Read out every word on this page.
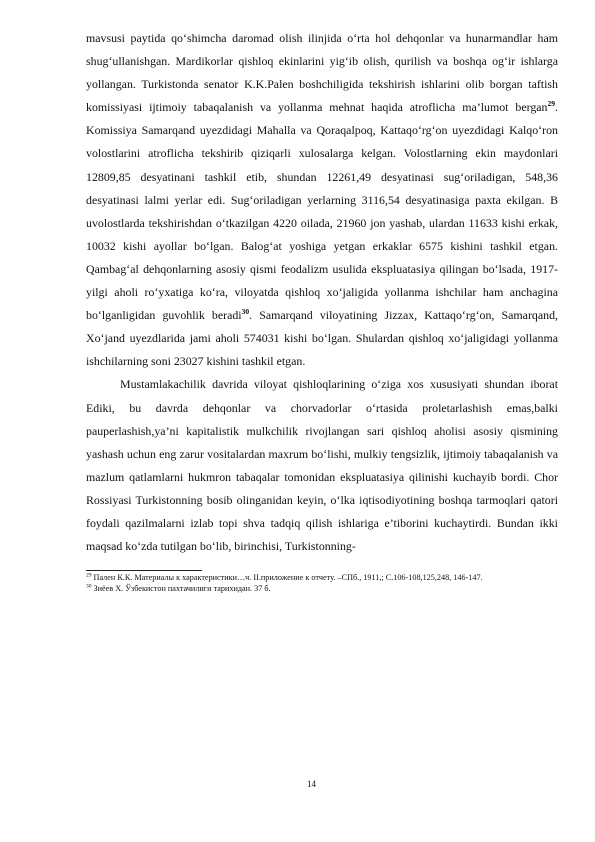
mavsusi paytida qo‘shimcha daromad olish ilinjida o‘rta hol dehqonlar va hunarmandlar ham shug‘ullanishgan. Mardikorlar qishloq ekinlarini yig‘ib olish, qurilish va boshqa og‘ir ishlarga yollangan. Turkistonda senator K.K.Palen boshchiligida tekshirish ishlarini olib borgan taftish komissiyasi ijtimoiy tabaqalanish va yollanma mehnat haqida atroflicha ma’lumot bergan$^{29}$. Komissiya Samarqand uyezdidagi Mahalla va Qoraqalpoq, Kattaqo‘rg‘on uyezdidagi Kalqo‘ron volostlarini atroflicha tekshirib qiziqarli xulosalarga kelgan. Volostlarning ekin maydonlari 12809,85 desyatinani tashkil etib, shundan 12261,49 desyatinasi sug‘oriladigan, 548,36 desyatinasi lalmi yerlar edi. Sug‘oriladigan yerlarning 3116,54 desyatinasiga paxta ekilgan. B uvolostlarda tekshirishdan o‘tkazilgan 4220 oilada, 21960 jon yashab, ulardan 11633 kishi erkak, 10032 kishi ayollar bo‘lgan. Balog‘at yoshiga yetgan erkaklar 6575 kishini tashkil etgan. Qambag‘al dehqonlarning asosiy qismi feodalizm usulida ekspluatasiya qilingan bo‘lsada, 1917-yilgi aholi ro‘yxatiga ko‘ra, viloyatda qishloq xo‘jaligida yollanma ishchilar ham anchagina bo‘lganligidan guvohlik beradi$^{30}$. Samarqand viloyatining Jizzax, Kattaqo‘rg‘on, Samarqand, Xo‘jand uyezdlarida jami aholi 574031 kishi bo‘lgan. Shulardan qishloq xo‘jaligidagi yollanma ishchilarning soni 23027 kishini tashkil etgan.

Mustamlakachilik davrida viloyat qishloqlarining o‘ziga xos xususiyati shundan iborat Ediki, bu davrda dehqonlar va chorvadorlar o‘rtasida proletarlashish emas,balki pauperlashish,ya’ni kapitalistik mulkchilik rivojlangan sari qishloq aholisi asosiy qismining yashash uchun eng zarur vositalardan maxrum bo‘lishi, mulkiy tengsizlik, ijtimoiy tabaqalanish va mazlum qatlamlarni hukmron tabaqalar tomonidan ekspluatasiya qilinishi kuchayib bordi. Chor Rossiyasi Turkistonning bosib olinganidan keyin, o‘lka iqtisodiyotining boshqa tarmoqlari qatori foydali qazilmalarni izlab topi shva tadqiq qilish ishlariga e’tiborini kuchaytirdi. Bundan ikki maqsad ko‘zda tutilgan bo‘lib, birinchisi, Turkistonning-

$^{29}$ Пален К.К. Материалы к характеристики…ч. II.приложение к отчету. –СПб., 1911,; С.106-108,125,248, 146-147.

$^{30}$ Зиёев Х. Ўзбекистон пахтачилиги тарихидан. 37 б.

14
